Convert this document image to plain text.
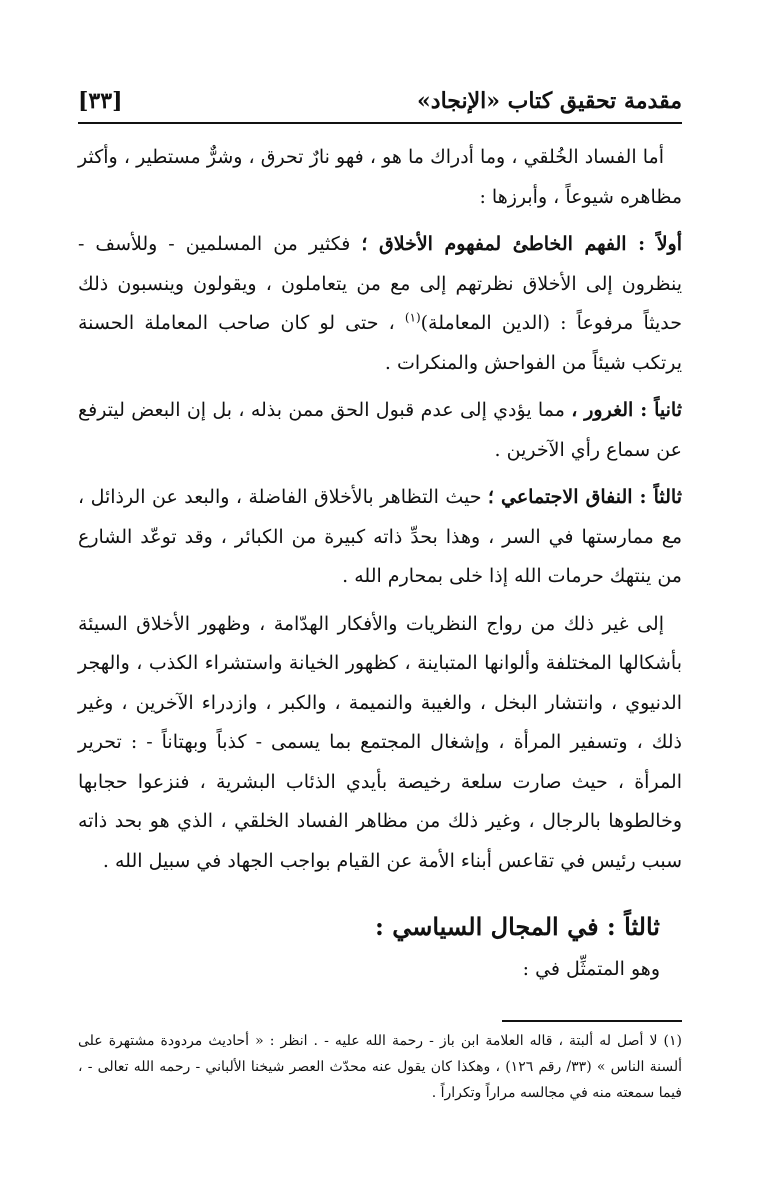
مقدمة تحقيق كتاب «الإنجاد»
[٣٣]

أما الفساد الخُلقي ، وما أدراك ما هو ، فهو نارٌ تحرق ، وشرٌّ مستطير ، وأكثر مظاهره شيوعاً ، وأبرزها :

أولاً : الفهم الخاطئ لمفهوم الأخلاق ؛ فكثير من المسلمين - وللأسف - ينظرون إلى الأخلاق نظرتهم إلى مع من يتعاملون ، ويقولون وينسبون ذلك حديثاً مرفوعاً : (الدين المعاملة)$^{(١)}$ ، حتى لو كان صاحب المعاملة الحسنة يرتكب شيئاً من الفواحش والمنكرات .

ثانياً : الغرور ، مما يؤدي إلى عدم قبول الحق ممن بذله ، بل إن البعض ليترفع عن سماع رأي الآخرين .

ثالثاً : النفاق الاجتماعي ؛ حيث التظاهر بالأخلاق الفاضلة ، والبعد عن الرذائل ، مع ممارستها في السر ، وهذا بحدِّ ذاته كبيرة من الكبائر ، وقد توعّد الشارع من ينتهك حرمات الله إذا خلى بمحارم الله .

إلى غير ذلك من رواج النظريات والأفكار الهدّامة ، وظهور الأخلاق السيئة بأشكالها المختلفة وألوانها المتباينة ، كظهور الخيانة واستشراء الكذب ، والهجر الدنيوي ، وانتشار البخل ، والغيبة والنميمة ، والكبر ، وازدراء الآخرين ، وغير ذلك ، وتسفير المرأة ، وإشغال المجتمع بما يسمى - كذباً وبهتاناً - : تحرير المرأة ، حيث صارت سلعة رخيصة بأيدي الذئاب البشرية ، فنزعوا حجابها وخالطوها بالرجال ، وغير ذلك من مظاهر الفساد الخلقي ، الذي هو بحد ذاته سبب رئيس في تقاعس أبناء الأمة عن القيام بواجب الجهاد في سبيل الله .

ثالثاً : في المجال السياسي :
وهو المتمثِّل في :
(١) لا أصل له ألبتة ، قاله العلامة ابن باز - رحمة الله عليه - . انظر : « أحاديث مردودة مشتهرة على ألسنة الناس » (٣٣/ رقم ١٢٦) ، وهكذا كان يقول عنه محدّث العصر شيخنا الألباني - رحمه الله تعالى - ، فيما سمعته منه في مجالسه مراراً وتكراراً .
